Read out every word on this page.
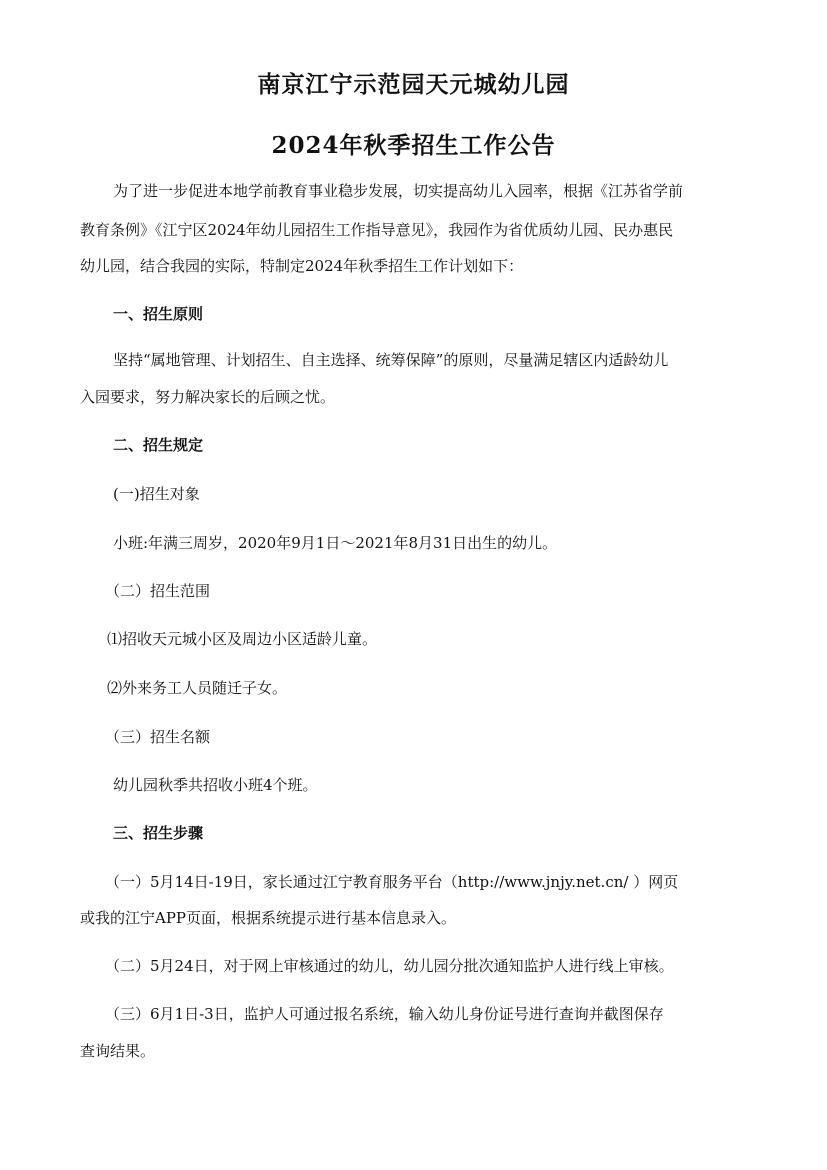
南京江宁示范园天元城幼儿园
2024年秋季招生工作公告

为了进一步促进本地学前教育事业稳步发展，切实提高幼儿入园率，根据《江苏省学前

教育条例》《江宁区2024年幼儿园招生工作指导意见》，我园作为省优质幼儿园、民办惠民

幼儿园，结合我园的实际，特制定2024年秋季招生工作计划如下：

一、招生原则

坚持“属地管理、计划招生、自主选择、统筹保障”的原则，尽量满足辖区内适龄幼儿

入园要求，努力解决家长的后顾之忧。

二、招生规定

(一)招生对象

小班:年满三周岁，2020年9月1日～2021年8月31日出生的幼儿。

（二）招生范围

⑴招收天元城小区及周边小区适龄儿童。

⑵外来务工人员随迁子女。

（三）招生名额

幼儿园秋季共招收小班4个班。

三、招生步骤

（一）5月14日-19日，家长通过江宁教育服务平台（http://www.jnjy.net.cn/ ）网页

或我的江宁APP页面，根据系统提示进行基本信息录入。

（二）5月24日，对于网上审核通过的幼儿，幼儿园分批次通知监护人进行线上审核。

（三）6月1日-3日，监护人可通过报名系统，输入幼儿身份证号进行查询并截图保存

查询结果。
